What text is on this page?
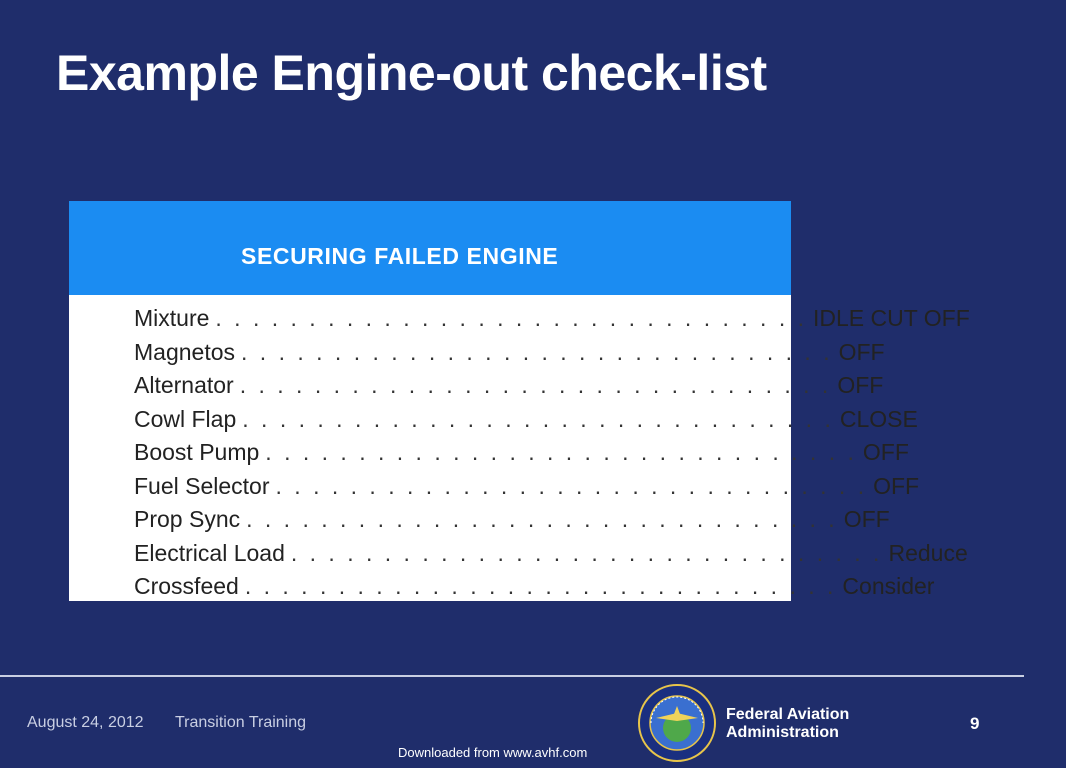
Example Engine-out check-list
SECURING FAILED ENGINE
Mixture . . . . . . . . . . . . . . . . . . . . . . . . . . . . . . . . IDLE CUT OFF
Magnetos . . . . . . . . . . . . . . . . . . . . . . . . . . . . . . . . OFF
Alternator . . . . . . . . . . . . . . . . . . . . . . . . . . . . . . . . OFF
Cowl Flap . . . . . . . . . . . . . . . . . . . . . . . . . . . . . . . . CLOSE
Boost Pump . . . . . . . . . . . . . . . . . . . . . . . . . . . . . . . . OFF
Fuel Selector . . . . . . . . . . . . . . . . . . . . . . . . . . . . . . . . OFF
Prop Sync . . . . . . . . . . . . . . . . . . . . . . . . . . . . . . . . OFF
Electrical Load . . . . . . . . . . . . . . . . . . . . . . . . . . . . . . . . Reduce
Crossfeed . . . . . . . . . . . . . . . . . . . . . . . . . . . . . . . . Consider
August 24, 2012 Transition Training	Federal Aviation
Administration	9
Downloaded from www.avhf.com
